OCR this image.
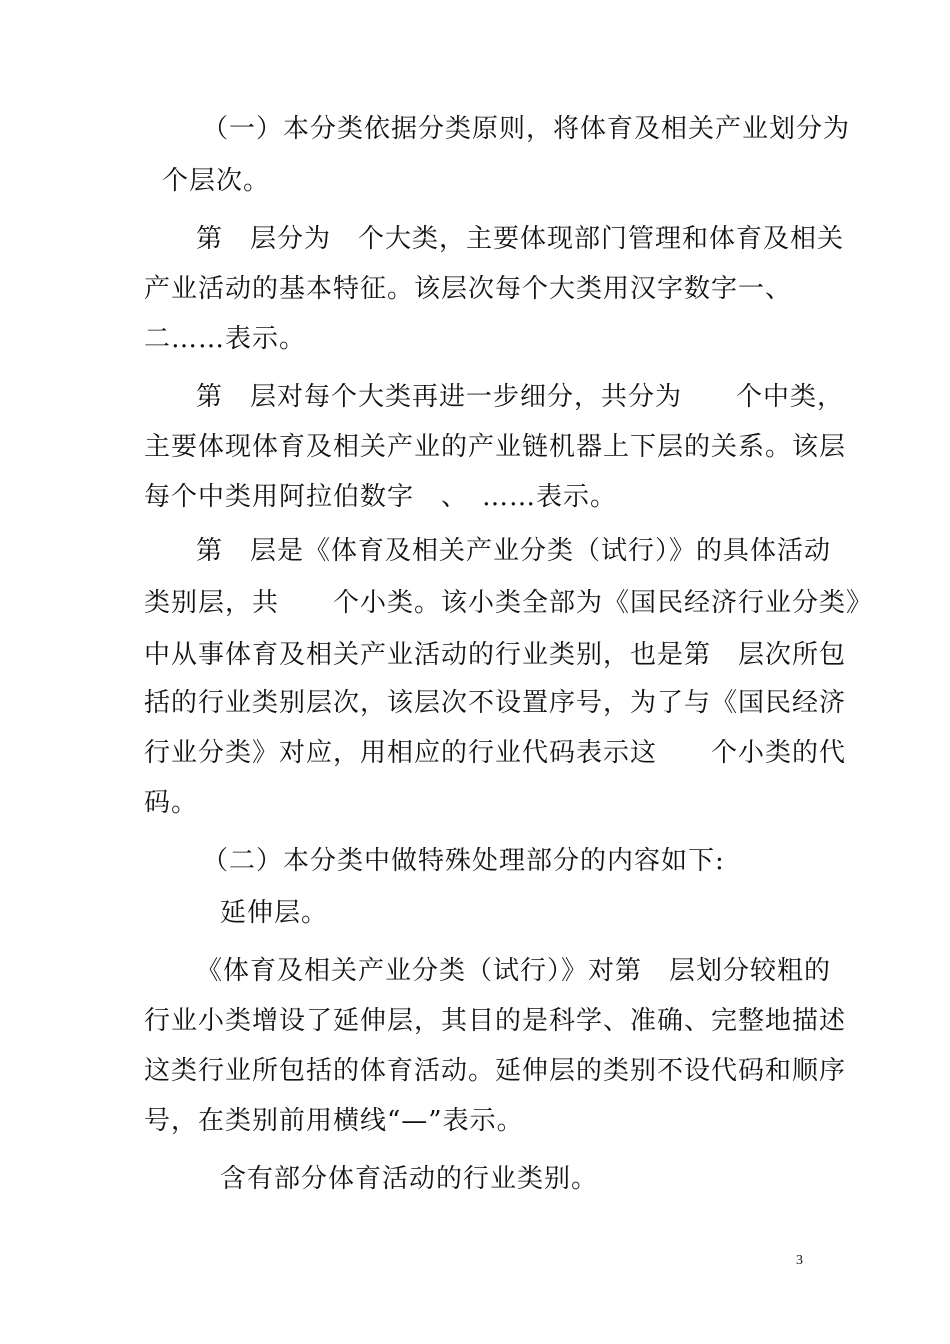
（一）本分类依据分类原则，将体育及相关产业划分为
个层次。
第　层分为　个大类，主要体现部门管理和体育及相关
产业活动的基本特征。该层次每个大类用汉字数字一、
二……表示。
第　层对每个大类再进一步细分，共分为　　个中类，
主要体现体育及相关产业的产业链机器上下层的关系。该层
每个中类用阿拉伯数字　、　……表示。
第　层是《体育及相关产业分类（试行）》的具体活动
类别层，共　　个小类。该小类全部为《国民经济行业分类》
中从事体育及相关产业活动的行业类别，也是第　层次所包
括的行业类别层次，该层次不设置序号，为了与《国民经济
行业分类》对应，用相应的行业代码表示这　　个小类的代
码。
（二）本分类中做特殊处理部分的内容如下:
延伸层。
《体育及相关产业分类（试行）》对第　层划分较粗的
行业小类增设了延伸层，其目的是科学、准确、完整地描述
这类行业所包括的体育活动。延伸层的类别不设代码和顺序
号，在类别前用横线“—”表示。
含有部分体育活动的行业类别。
3
